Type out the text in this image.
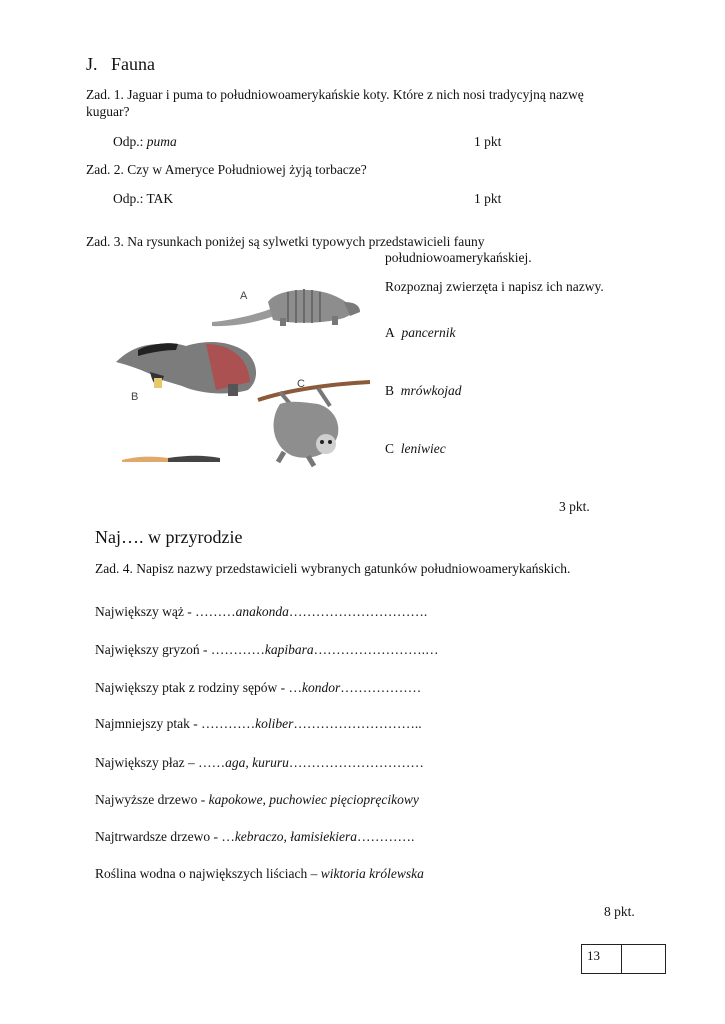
J. Fauna
Zad. 1. Jaguar i puma to południowoamerykańskie koty. Które z nich nosi tradycyjną nazwę
kuguar?
Odp.: puma	1 pkt
Zad. 2. Czy w Ameryce Południowej żyją torbacze?
Odp.: TAK	1 pkt
Zad. 3. Na rysunkach poniżej są sylwetki typowych przedstawicieli fauny
południowoamerykańskiej.
Rozpoznaj zwierzęta i napisz ich nazwy.
A
B
C
A pancernik
B mrówkojad
C leniwiec
3 pkt.
Naj…. w przyrodzie
Zad. 4. Napisz nazwy przedstawicieli wybranych gatunków południowoamerykańskich.
Największy wąż - ………anakonda………………………….
Największy gryzoń - …………kapibara…………………….…
Największy ptak z rodziny sępów - …kondor………………
Najmniejszy ptak - …………koliber………………………..
Największy płaz – ……aga, kururu…………………………
Najwyższe drzewo - kapokowe, puchowiec pięciopręcikowy
Najtrwardsze drzewo - …kebraczo, łamisiekiera………….
Roślina wodna o największych liściach – wiktoria królewska
8 pkt.
13
